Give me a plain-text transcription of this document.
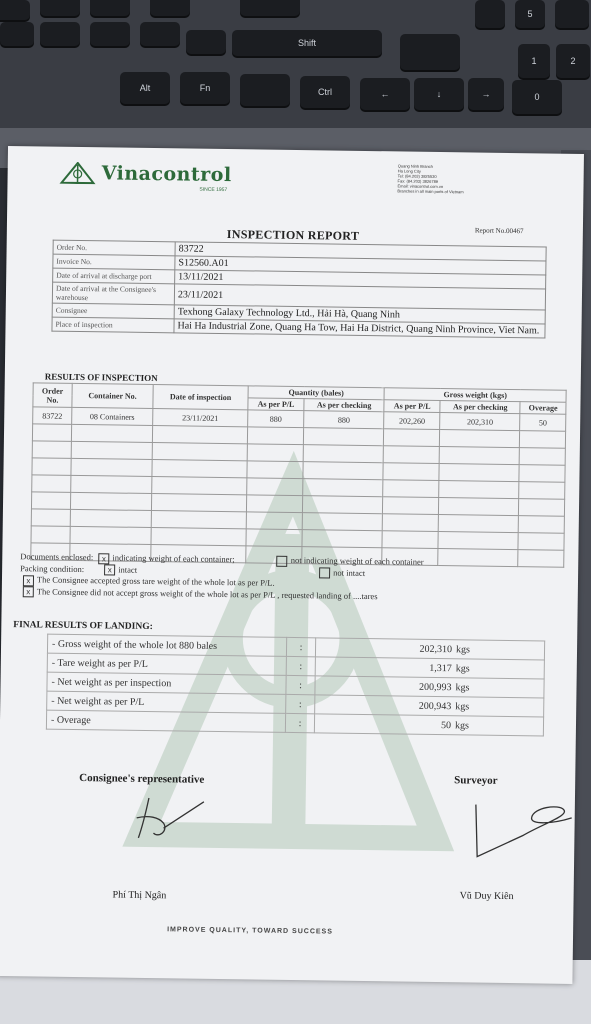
Shift
5
1	2
Alt	Fn	Ctrl	←	↓	→	0
Vinacontrol
SINCE 1957
Quang Ninh Branch
Ha Long City
Tel: (84.203) 3825530
Fax: (84.203) 3826789
Email: vinacontrol.com.vn
Branches in all main ports of Vietnam
Report No.00467
INSPECTION REPORT
Order No.	83722
Invoice No.	S12560.A01
Date of arrival at discharge port	13/11/2021
Date of arrival at the Consignee's warehouse	23/11/2021
Consignee	Texhong Galaxy Technology Ltd., Hải Hà, Quang Ninh
Place of inspection	Hai Ha Industrial Zone, Quang Ha Tow, Hai Ha District, Quang Ninh Province, Viet Nam.
RESULTS OF INSPECTION
Order No.	Container No.	Date of inspection	Quantity (bales)		Gross weight (kgs)		
			As per P/L	As per checking	As per P/L	As per checking	Overage
83722	08 Containers	23/11/2021	880	880	202,260	202,310	50

Documents enclosed: x indicating weight of each container;	not indicating weight of each container
Packing condition:	x intact	not intact
x The Consignee accepted gross tare weight of the whole lot as per P/L.
x The Consignee did not accept gross weight of the whole lot as per P/L , requested landing of ....tares
FINAL RESULTS OF LANDING:
- Gross weight of the whole lot 880 bales	:	202,310 kgs
- Tare weight as per P/L	:	1,317 kgs
- Net weight as per inspection	:	200,993 kgs
- Net weight as per P/L	:	200,943 kgs
- Overage	:	50 kgs
Consignee's representative	Surveyor
Phí Thị Ngân	Vũ Duy Kiên
IMPROVE QUALITY, TOWARD SUCCESS
